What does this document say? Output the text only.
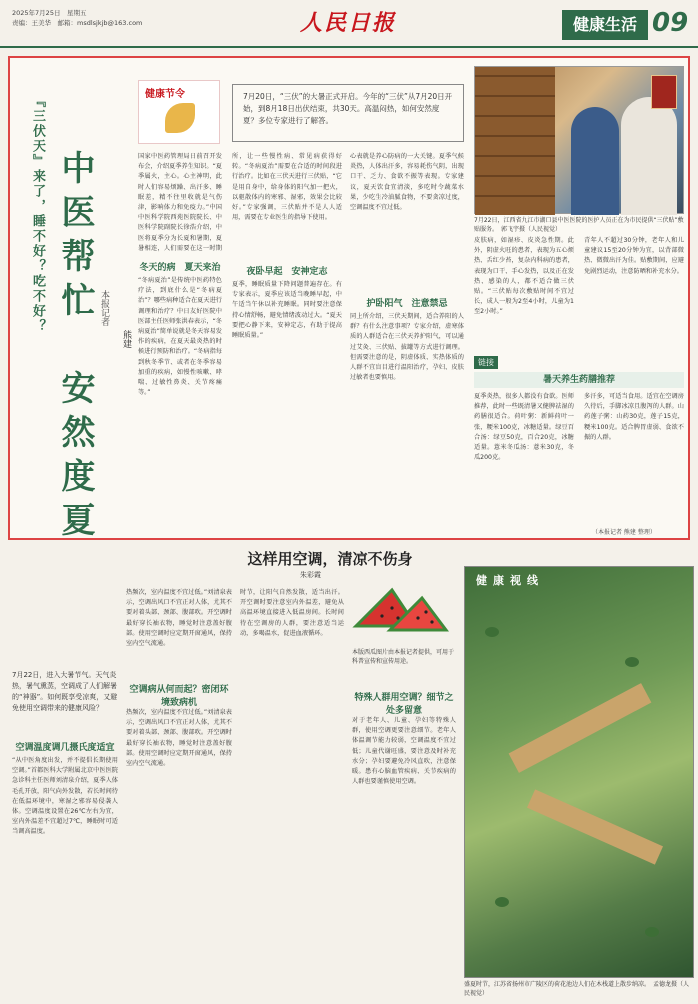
2025年7月25日　星期五
责编：王美华　邮箱：msdlsjkjb@163.com	人民日报	健康生活 09
『三伏天』来了，睡不好？吃不好？ 中医帮忙　安然度夏 本报记者
熊建
健康节令	7月20日，“三伏”的大暑正式开启。今年的“三伏”从7月20日开始，到8月18日出伏结束，共30天。高温闷热，如何安然度夏？多位专家进行了解答。
国家中医药管理局日前召开发布会，介绍夏季养生知识。“夏季属火，主心。心主神明，此时人们容易烦躁、出汗多、睡眠差，精不往里收就是气伤津，影响体力和免疫力。”中国中医科学院西苑医院院长、中医科学院副院长徐浩介绍，中医将夏季分为长夏和暑期，夏暑相连，人们需要在这一时期
冬天的病　夏天来治
“冬病夏治”是传统中医药特色疗法，到底什么是“冬病夏治”？哪些病种适合在夏天进行调理和治疗？中日友好医院中医部主任医师张洪春表示，“冬病夏治”简单说就是冬天容易发作的疾病，在夏天最炎热的时候进行预防和治疗。“冬病指每到秋冬季节、或者在冬季容易加重的疾病，如慢性咳嗽、哮喘、过敏性鼻炎、关节疼痛等。”
所，让一些慢性病、常见病获得好转。“冬病夏治”需要在合适的时间段进行治疗。比如在三伏天进行三伏贴，“它是用自身中，给身体的阳气加一把火，以驱散体内的寒邪、湿邪，效果会比较好。”专家强调，三伏贴并不是人人适用，需要在专业医生的指导下使用。
夜卧早起　安神定志
夏季，睡眠质量下降问题普遍存在。有专家表示，夏季应该适当晚睡早起，中午适当午休以补充睡眠。同时要注意保持心情舒畅，避免情绪波动过大。“夏天要把心静下来，安神定志，有助于提高睡眠质量。”
心表就是养心防病的一大关键。夏季气候炎热，人体出汗多，容易耗伤气阴，出现口干、乏力、食欲不振等表现。专家建议，夏天饮食宜清淡，多吃时令蔬菜水果，少吃生冷油腻食物，不要贪凉过度，空调温度不宜过低。
护卧阳气　注意禁忌
同上所介绍，三伏天期间，适合养阳的人群？有什么注意事项？专家介绍，虚寒体质的人群适合在三伏天养护阳气，可以通过艾灸、三伏贴、拔罐等方式进行调理。但需要注意的是，阴虚体质、实热体质的人群不宜盲目进行温阳治疗，孕妇、皮肤过敏者也要慎用。
7月22日，江西省九江市湖口县中医医院的医护人员正在为市民提供“三伏贴”敷贴服务。　郭飞宇摄（人民视觉）
皮肤病，如湿疹、皮炎急性期。此外，阴虚火旺的患者，表现为五心烦热、舌红少苔，复杂内科病的患者，表现为口干、手心发热，以及正在发热、感染的人，都不适合做三伏贴。“三伏贴每次敷贴时间不宜过长，成人一般为2至4小时，儿童为1至2小时。”
青年人不超过30分钟，老年人和儿童建议15至20分钟为宜，以背部微热、微微出汗为佳。贴敷期间，应避免剧烈运动，注意防晒和补充水分。
链接
暑天养生药膳推荐
夏季炎热，很多人都没有食欲。医师推荐，此时一些既清暑又健脾祛湿的药膳很适合。荷叶粥：新鲜荷叶一张，粳米100克，冰糖适量。绿豆百合汤：绿豆50克，百合20克，冰糖适量。薏米冬瓜汤：薏米30克，冬瓜200克。
多汗多，可适当食用。适宜在空调房久待后，手脚冰凉且腹泻的人群。山药莲子粥：山药30克，莲子15克，粳米100克。适合脾胃虚弱、食欲不振的人群。
（本报记者 熊建 整理）
这样用空调，清凉不伤身
朱彩霞
7月22日，进入大暑节气。天气炎热，暑气熏蒸，空调成了人们解暑的“神器”。如何既享受凉爽，又避免使用空调带来的健康风险？
空调温度调几摄氏度适宜
“从中医角度出发，并不提倡长期使用空调。”首都医科大学附属北京中医医院急诊科主任医师刘清泉介绍，夏季人体毛孔开放，阳气向外发散，若长时间待在低温环境中，寒湿之邪容易侵袭人体。空调温度设置在26℃左右为宜，室内外温差不宜超过7℃，睡眠时可适当调高温度。
热频次，室内温度不宜过低。”刘清泉表示，空调出风口不宜正对人体，尤其不要对着头部、颈部、腹部吹。开空调时最好穿长袖衣物，睡觉时注意盖好腹部。使用空调时应定期开窗通风，保持室内空气流通。
空调病从何而起？密闭环境致病机
热频次，室内温度不宜过低。”刘清泉表示，空调出风口不宜正对人体，尤其不要对着头部、颈部、腹部吹。开空调时最好穿长袖衣物，睡觉时注意盖好腹部。使用空调时应定期开窗通风，保持室内空气流通。
时节，让阳气自然发散，适当出汗。开空调时要注意室内外温差，避免从高温环境直接进入低温房间。长时间待在空调房的人群，要注意适当运动，多喝温水，促进血液循环。
本版西瓜图片由本报记者提供，可用于科普宣传和宣传用途。
特殊人群用空调？细节之处多留意
对于老年人、儿童、孕妇等特殊人群，使用空调更要注意细节。老年人体温调节能力较弱，空调温度不宜过低；儿童代谢旺盛，要注意及时补充水分；孕妇要避免冷风直吹，注意保暖。患有心脑血管疾病、关节疾病的人群也要谨慎使用空调。
健康视线
盛夏时节，江苏省扬州市广陵区的荷花池边人们在木栈道上散步纳凉。　孟德龙摄（人民视觉）
